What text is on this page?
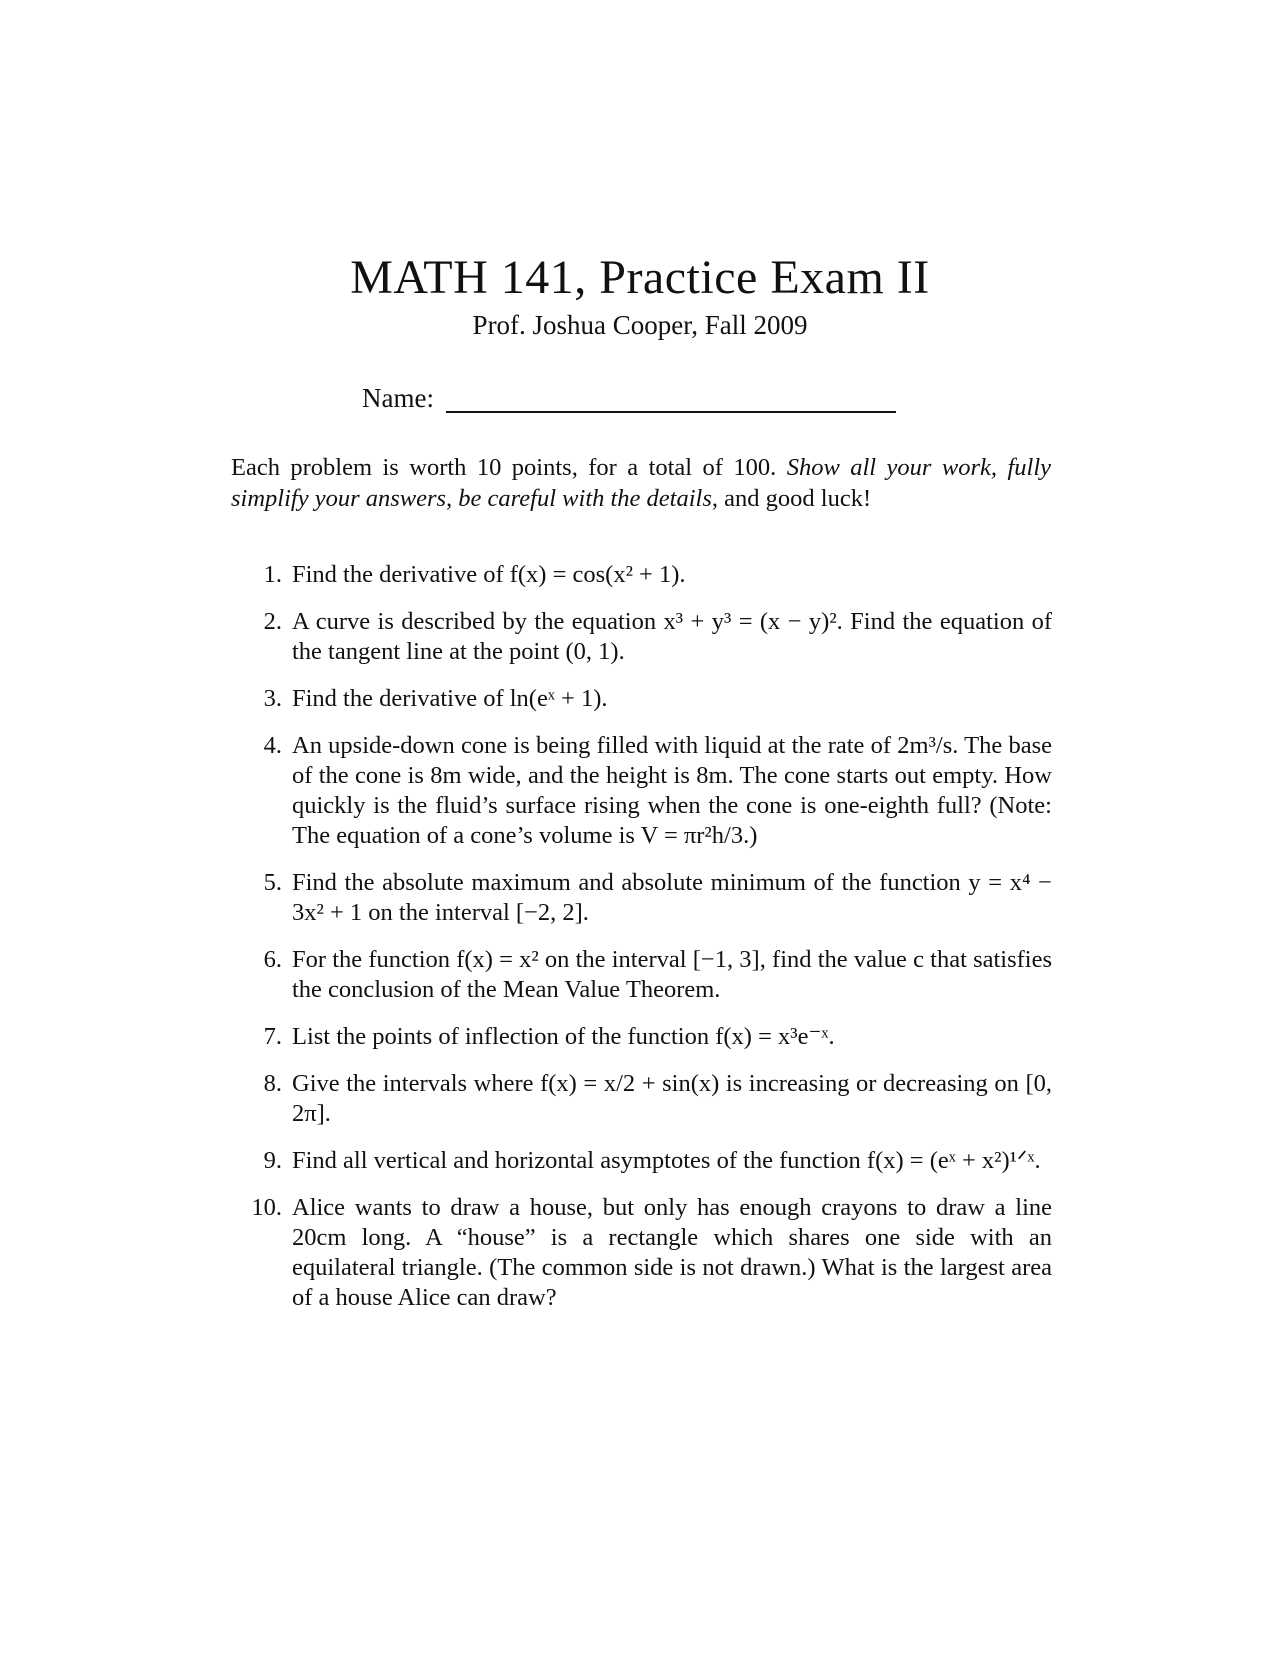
MATH 141, Practice Exam II
Prof. Joshua Cooper, Fall 2009
Name:
Each problem is worth 10 points, for a total of 100. Show all your work, fully simplify your answers, be careful with the details, and good luck!
1. Find the derivative of f(x) = cos(x² + 1).
2. A curve is described by the equation x³ + y³ = (x − y)². Find the equation of the tangent line at the point (0, 1).
3. Find the derivative of ln(eˣ + 1).
4. An upside-down cone is being filled with liquid at the rate of 2m³/s. The base of the cone is 8m wide, and the height is 8m. The cone starts out empty. How quickly is the fluid’s surface rising when the cone is one-eighth full? (Note: The equation of a cone’s volume is V = πr²h/3.)
5. Find the absolute maximum and absolute minimum of the function y = x⁴ − 3x² + 1 on the interval [−2, 2].
6. For the function f(x) = x² on the interval [−1, 3], find the value c that satisfies the conclusion of the Mean Value Theorem.
7. List the points of inflection of the function f(x) = x³e⁻ˣ.
8. Give the intervals where f(x) = x/2 + sin(x) is increasing or decreasing on [0, 2π].
9. Find all vertical and horizontal asymptotes of the function f(x) = (eˣ + x²)¹ᐟˣ.
10. Alice wants to draw a house, but only has enough crayons to draw a line 20cm long. A “house” is a rectangle which shares one side with an equilateral triangle. (The common side is not drawn.) What is the largest area of a house Alice can draw?
